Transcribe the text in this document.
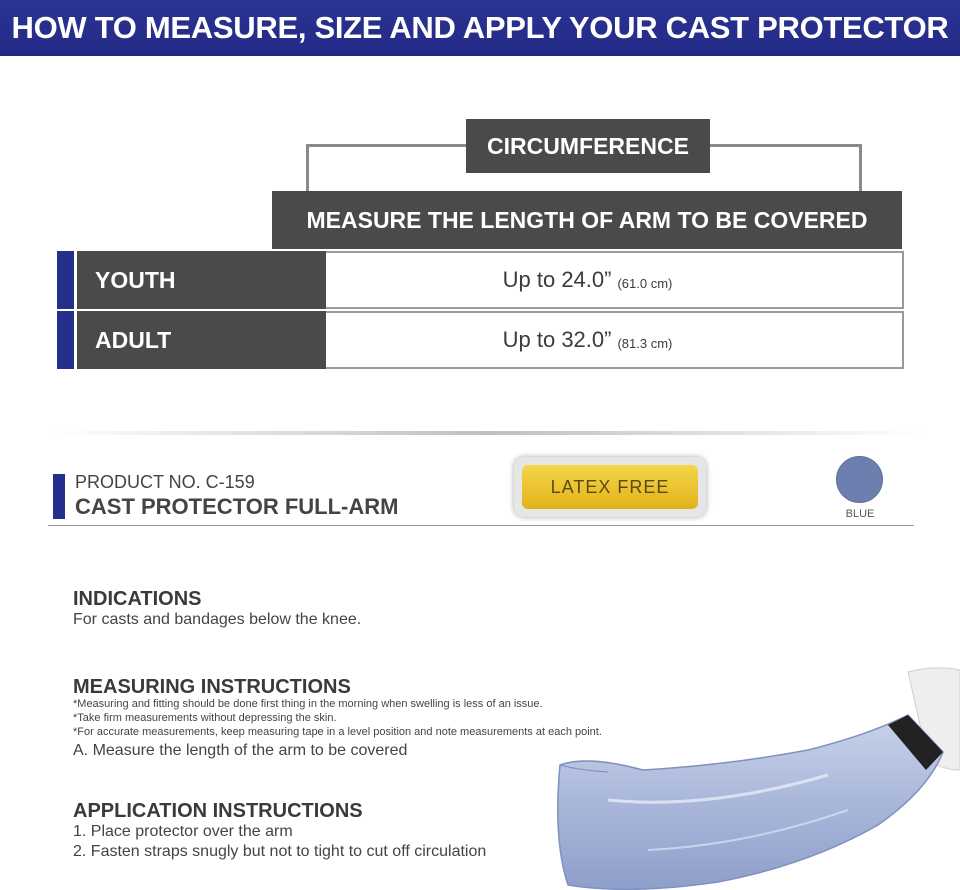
HOW TO MEASURE, SIZE AND APPLY YOUR CAST PROTECTOR
CIRCUMFERENCE
MEASURE THE LENGTH OF ARM TO BE COVERED
Up to 24.0” (61.0 cm)
YOUTH
Up to 32.0” (81.3 cm)
ADULT
PRODUCT NO. C-159
CAST PROTECTOR FULL-ARM
LATEX FREE
BLUE
INDICATIONS
For casts and bandages below the knee.
MEASURING INSTRUCTIONS
*Measuring and fitting should be done first thing in the morning when swelling is less of an issue.
*Take firm measurements without depressing the skin.
*For accurate measurements, keep measuring tape in a level position and note measurements at each point.
A. Measure the length of the arm to be covered
APPLICATION INSTRUCTIONS
1. Place protector over the arm
2. Fasten straps snugly but not to tight to cut off circulation
